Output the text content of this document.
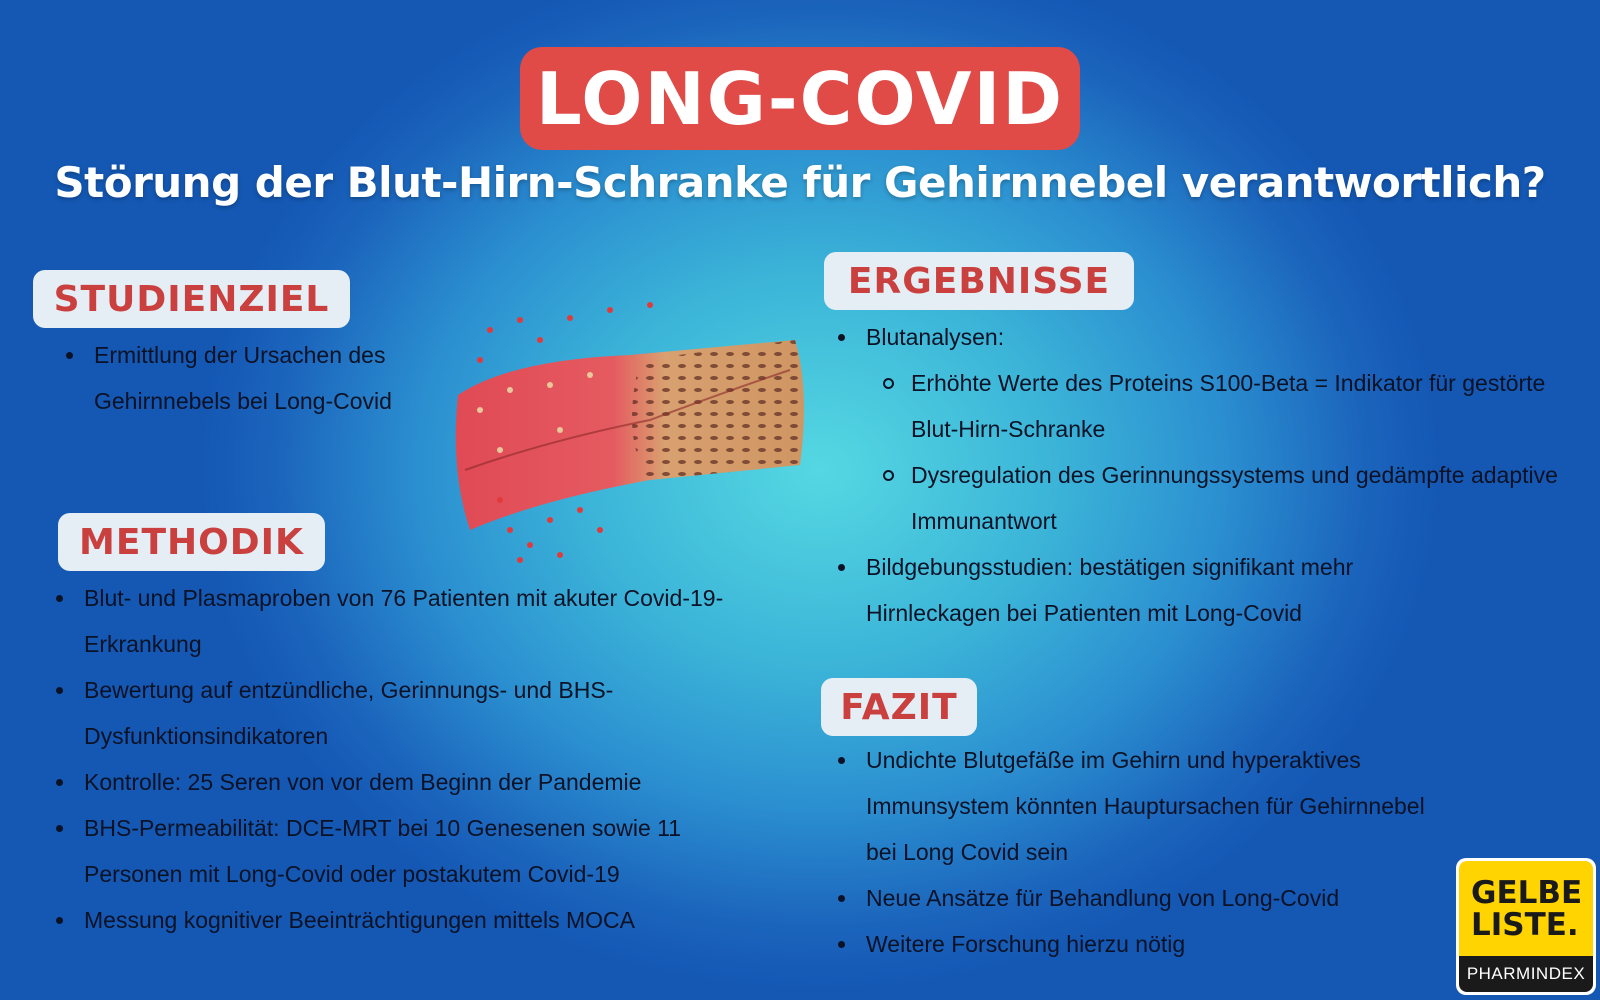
LONG-COVID
Störung der Blut-Hirn-Schranke für Gehirnnebel verantwortlich?
STUDIENZIEL
Ermittlung der Ursachen des Gehirnnebels bei Long-Covid
METHODIK
Blut- und Plasmaproben von 76 Patienten mit akuter Covid-19-Erkrankung
Bewertung auf entzündliche, Gerinnungs- und BHS-Dysfunktionsindikatoren
Kontrolle: 25 Seren von vor dem Beginn der Pandemie
BHS-Permeabilität: DCE-MRT bei 10 Genesenen sowie 11 Personen mit Long-Covid oder postakutem Covid-19
Messung kognitiver Beeinträchtigungen mittels MOCA
ERGEBNISSE
Blutanalysen:
Erhöhte Werte des Proteins S100-Beta = Indikator für gestörte Blut-Hirn-Schranke
Dysregulation des Gerinnungssystems und gedämpfte adaptive Immunantwort
Bildgebungsstudien: bestätigen signifikant mehr Hirnleckagen bei Patienten mit Long-Covid
FAZIT
Undichte Blutgefäße im Gehirn und hyperaktives Immunsystem könnten Hauptursachen für Gehirnnebel bei Long Covid sein
Neue Ansätze für Behandlung von Long-Covid
Weitere Forschung hierzu nötig
GELBE
LISTE.
PHARMINDEX
